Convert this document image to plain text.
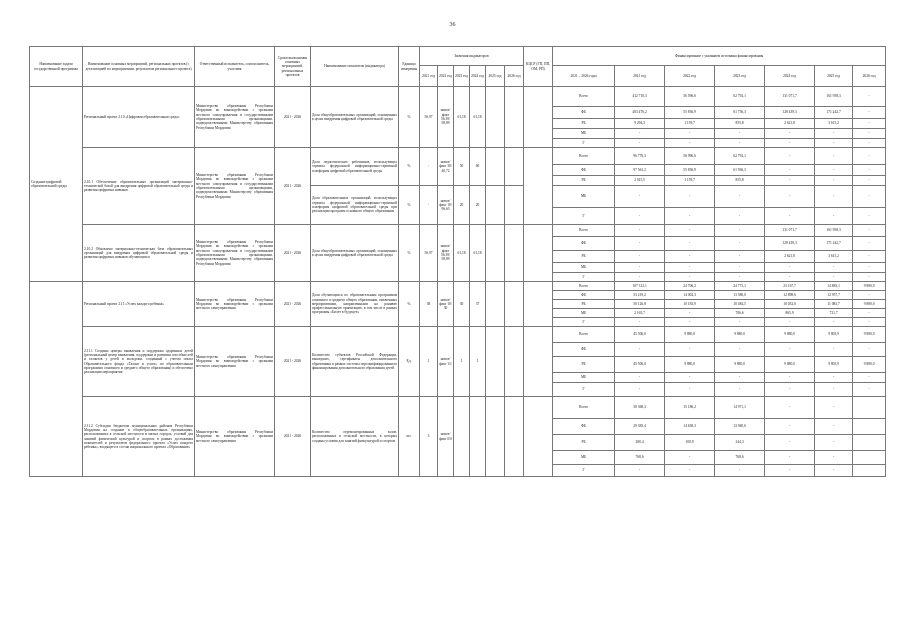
36
Наименование задачи государственной программы	Наименование основных мероприятий, региональных проектов (с детализацией по мероприятиям, результатам регионального проекта)	Ответственный исполнитель, соисполнитель, участник	Сроки выполнения основных мероприятий, региональных проектов	Наименование показателя (индикатора)	Единица измерения	Значения индикаторов						КЦСР (ГП, ПП, ОМ, РП)	Финансирование с указанием источника финансирования							
						2021 год	2022 год	2023 год	2024 год	2025 год	2026 год		2021 – 2026 годы	2021 год	2022 год	2023 год	2024 год	2025 год	2026 год	
Создание цифровой образовательной среды	Региональный проект 2.10 «Цифровая образовательная среда»	Министерство образования Республики Мордовия во взаимодействии с органами местного самоуправления и государственными образовательными организациями, подведомственными Министерству образования Республики Мордовия	2021 - 2026	Доля общеобразовательных организаций, оснащенных в целях внедрения цифровой образовательной среды	%	56,97	новое/ факт 56,39/ 58,89	61,18	61,18				Всего	412 710,3	56 596,6	62 792,1	131 071,7	161 958,3	-	
													ФБ	403 476,2	55 836,9	61 756,3	128 439,3	171 242,7	-	
													РБ	9 294,3	1 159,7	855,8	2 621,8	3 615,2	-	
													МБ	-	-	-	-	-	-	
													Г	-	-	-	-	-	-	
	2.10.1 Обеспечение образовательных организаций материально-технической базой для внедрения цифровой образовательной среды и развития цифровых навыков	Министерство образования Республики Мордовия во взаимодействии с органами местного самоуправления и государственными образовательными организациями, подведомственными Министерству образования Республики Мордовия	2021 - 2026	Доля педагогических работников, использующих сервисы федеральной информационно-сервисной платформы цифровой образовательной среды	%	-	новое/ факт 30/ 40,72	50	60				Всего	96 776,3	56 996,6	62 792,1	-	-	-	
													ФБ	97 561,2	55 836,9	61 936,3	-	-	-	
													РБ	2 015,5	1 159,7	855,8	-	-	-	
				Доля образовательных организаций, использующих сервисы федеральной информационно-сервисной платформы цифровой образовательной среды при реализации программ основного общего образования	%	-	новое/ факт 10/ 96,63	20	20				МБ	-	-	-	-	-	-	
													Г	-	-	-	-	-	-	
	2.10.2 Обновлено материально-техническая база образовательных организаций для внедрения цифровой образовательной среды и развития цифровых навыков обучающихся	Министерство образования Республики Мордовия во взаимодействии с органами местного самоуправления и государственными образовательными организациями, подведомственными Министерству образования Республики Мордовия	2021 - 2026	Доля общеобразовательных организаций, оснащенных в целях внедрения цифровой образовательной среды	%	56,97	новое/ факт 56,39/ 58,89	61,18	61,18				Всего	-	-	-	131 071,7	161 958,3	-	
													ФБ	-	-	-	128 439,3	171 242,7	-	
													РБ	-	-	-	2 621,8	3 615,2	-	
													МБ	-	-	-	-	-	-	
													Г	-	-	-	-	-	-	
	Региональный проект 2.11 «Успех каждого ребенка»	Министерство образования Республики Мордовия во взаимодействии с органами местного самоуправления	2021 - 2026	Доля обучающихся по образовательным программам основного и среднего общего образования, охваченных мероприятиями, направленными на раннюю профессиональную ориентацию, в том числе в рамках программы «Билет в будущее»	%	38	новое/ факт 10/ 30	30	37				Всего	107 312,1	24 706,2	24 773,1	23 167,7	14 883,1	9 880,0	
													ФБ	53 219,2	14 002,3	13 580,0	12 898,6	12 957,7	-	
													РБ	50 126,8	10 183,9	10 484,5	10 052,0	11 083,7	9 880,0	
													МБ	2 165,7	-	706,6	865,9	721,7	-	
													Г	-	-	-	-	-	-	
	2.11.1 Созданы центры выявления и поддержки одаренных детей (региональный центр выявления, поддержки и развития способностей и талантов у детей и молодежи, созданный с учетом опыта Образовательного фонда «Талант и успех» по образовательным программам основного и среднего общего образования) и обеспечено реализации мероприятия	Министерство образования Республики Мордовия во взаимодействии с органами местного самоуправления	2021 - 2026	Количество субъектов Российской Федерации, вышедших, сертификаты дополнительного образования в рамках системы персонифицированного финансирования дополнительного образования детей	Ед.	1	новое/ факт 1/1	1	1				Всего	45 506,0	9 880,0	9 880,0	9 880,0	9 805,9	9 880,0	
													ФБ	-	-	-	-	-	-	
													РБ	45 506,0	9 880,0	9 880,0	9 880,0	9 805,9	9 880,0	
													МБ	-	-	-	-	-	-	
													Г	-	-	-	-	-	-	
	2.11.2 Субсидии бюджетам муниципальных районов Республики Мордовия на создание в общеобразовательных организациях, расположенных в сельской местности и малых городах, условий для занятий физической культурой и спортом в рамках достижения показателей и результатов федерального проекта «Успех каждого ребенка», входящего в состав национального проекта «Образование»	Министерство образования Республики Мордовия во взаимодействии с органами местного самоуправления	2021 - 2026	Количество отремонтированных залов, расположенных в сельской местности, в которых созданы условия для занятий физкультурой и спортом	шт.	3	новое/ факт 0/0						Всего	30 368,3	15 186,2	14 971,1	-	-		
													ФБ	29 383,4	14 638,3	13 940,6	-	-		
													РБ	280,4	100,9	244,3	-	-		
													МБ	768,6	-	768,6	-	-		
													Г	-	-	-	-	-		
